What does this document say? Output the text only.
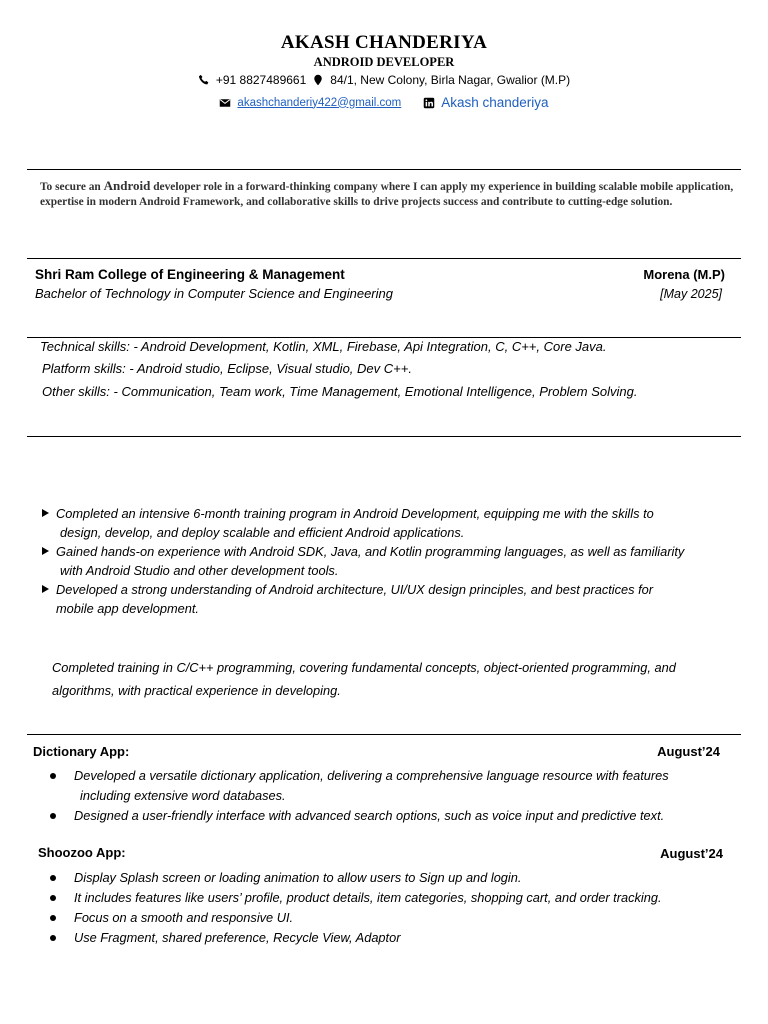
AKASH CHANDERIYA
ANDROID DEVELOPER
+91 8827489661 84/1, New Colony, Birla Nagar, Gwalior (M.P)
akashchanderiy422@gmail.com	Akash chanderiya
To secure an Android developer role in a forward-thinking company where I can apply my experience in building scalable mobile application, expertise in modern Android Framework, and collaborative skills to drive projects success and contribute to cutting-edge solution.
Shri Ram College of Engineering & Management	Morena (M.P)
Bachelor of Technology in Computer Science and Engineering	[May 2025]
Technical skills: - Android Development, Kotlin, XML, Firebase, Api Integration, C, C++, Core Java.
Platform skills: - Android studio, Eclipse, Visual studio, Dev C++.
Other skills: - Communication, Team work, Time Management, Emotional Intelligence, Problem Solving.
Completed an intensive 6-month training program in Android Development, equipping me with the skills to
design, develop, and deploy scalable and efficient Android applications.
Gained hands-on experience with Android SDK, Java, and Kotlin programming languages, as well as familiarity
with Android Studio and other development tools.
Developed a strong understanding of Android architecture, UI/UX design principles, and best practices for
mobile app development.
Completed training in C/C++ programming, covering fundamental concepts, object-oriented programming, and
algorithms, with practical experience in developing.
Dictionary App:	August’24
Developed a versatile dictionary application, delivering a comprehensive language resource with features
including extensive word databases.
Designed a user-friendly interface with advanced search options, such as voice input and predictive text.
Shoozoo App:	August’24
Display Splash screen or loading animation to allow users to Sign up and login.
It includes features like users’ profile, product details, item categories, shopping cart, and order tracking.
Focus on a smooth and responsive UI.
Use Fragment, shared preference, Recycle View, Adaptor
